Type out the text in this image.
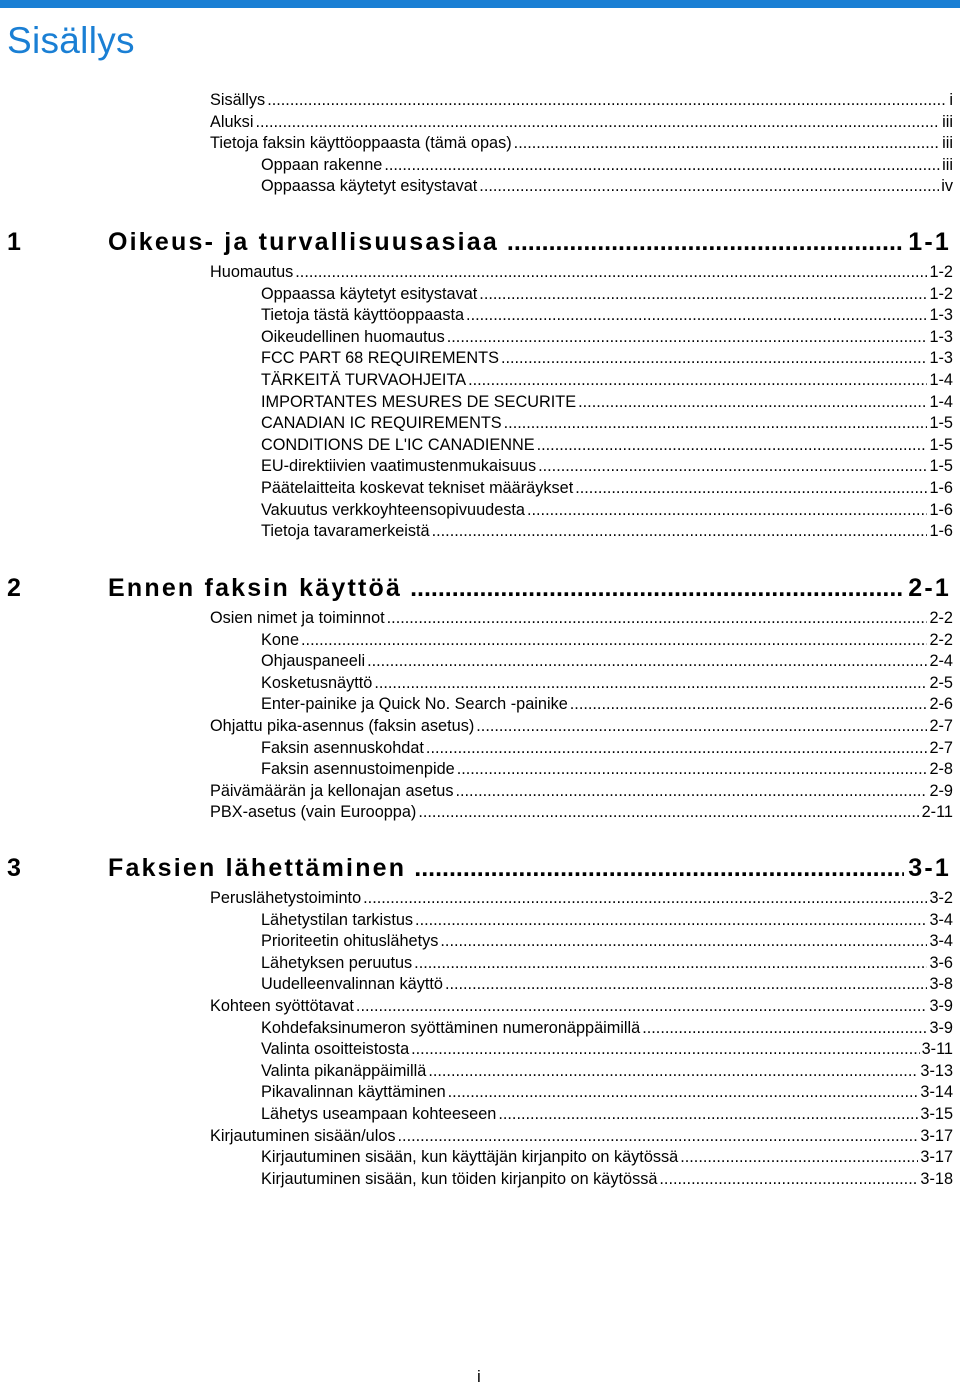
Sisällys
Sisällys .....	i
Aluksi .....	iii
Tietoja faksin käyttöoppaasta (tämä opas) .....	iii
Oppaan rakenne .....	iii
Oppaassa käytetyt esitystavat .....	iv
1	Oikeus- ja turvallisuusasiaa .....	1-1
Huomautus .....	1-2
Oppaassa käytetyt esitystavat .....	1-2
Tietoja tästä käyttöoppaasta .....	1-3
Oikeudellinen huomautus .....	1-3
FCC PART 68 REQUIREMENTS .....	1-3
TÄRKEITÄ TURVAOHJEITA .....	1-4
IMPORTANTES MESURES DE SECURITE .....	1-4
CANADIAN IC REQUIREMENTS .....	1-5
CONDITIONS DE L'IC CANADIENNE .....	1-5
EU-direktiivien vaatimustenmukaisuus .....	1-5
Päätelaitteita koskevat tekniset määräykset .....	1-6
Vakuutus verkkoyhteensopivuudesta .....	1-6
Tietoja tavaramerkeistä .....	1-6
2	Ennen faksin käyttöä .....	2-1
Osien nimet ja toiminnot .....	2-2
Kone .....	2-2
Ohjauspaneeli .....	2-4
Kosketusnäyttö .....	2-5
Enter-painike ja Quick No. Search -painike .....	2-6
Ohjattu pika-asennus (faksin asetus) .....	2-7
Faksin asennuskohdat .....	2-7
Faksin asennustoimenpide .....	2-8
Päivämäärän ja kellonajan asetus .....	2-9
PBX-asetus (vain Eurooppa) .....	2-11
3	Faksien lähettäminen .....	3-1
Peruslähetystoiminto .....	3-2
Lähetystilan tarkistus .....	3-4
Prioriteetin ohituslähetys .....	3-4
Lähetyksen peruutus .....	3-6
Uudelleenvalinnan käyttö .....	3-8
Kohteen syöttötavat .....	3-9
Kohdefaksinumeron syöttäminen numeronäppäimillä .....	3-9
Valinta osoitteistosta .....	3-11
Valinta pikanäppäimillä .....	3-13
Pikavalinnan käyttäminen .....	3-14
Lähetys useampaan kohteeseen .....	3-15
Kirjautuminen sisään/ulos .....	3-17
Kirjautuminen sisään, kun käyttäjän kirjanpito on käytössä .....	3-17
Kirjautuminen sisään, kun töiden kirjanpito on käytössä .....	3-18
i
